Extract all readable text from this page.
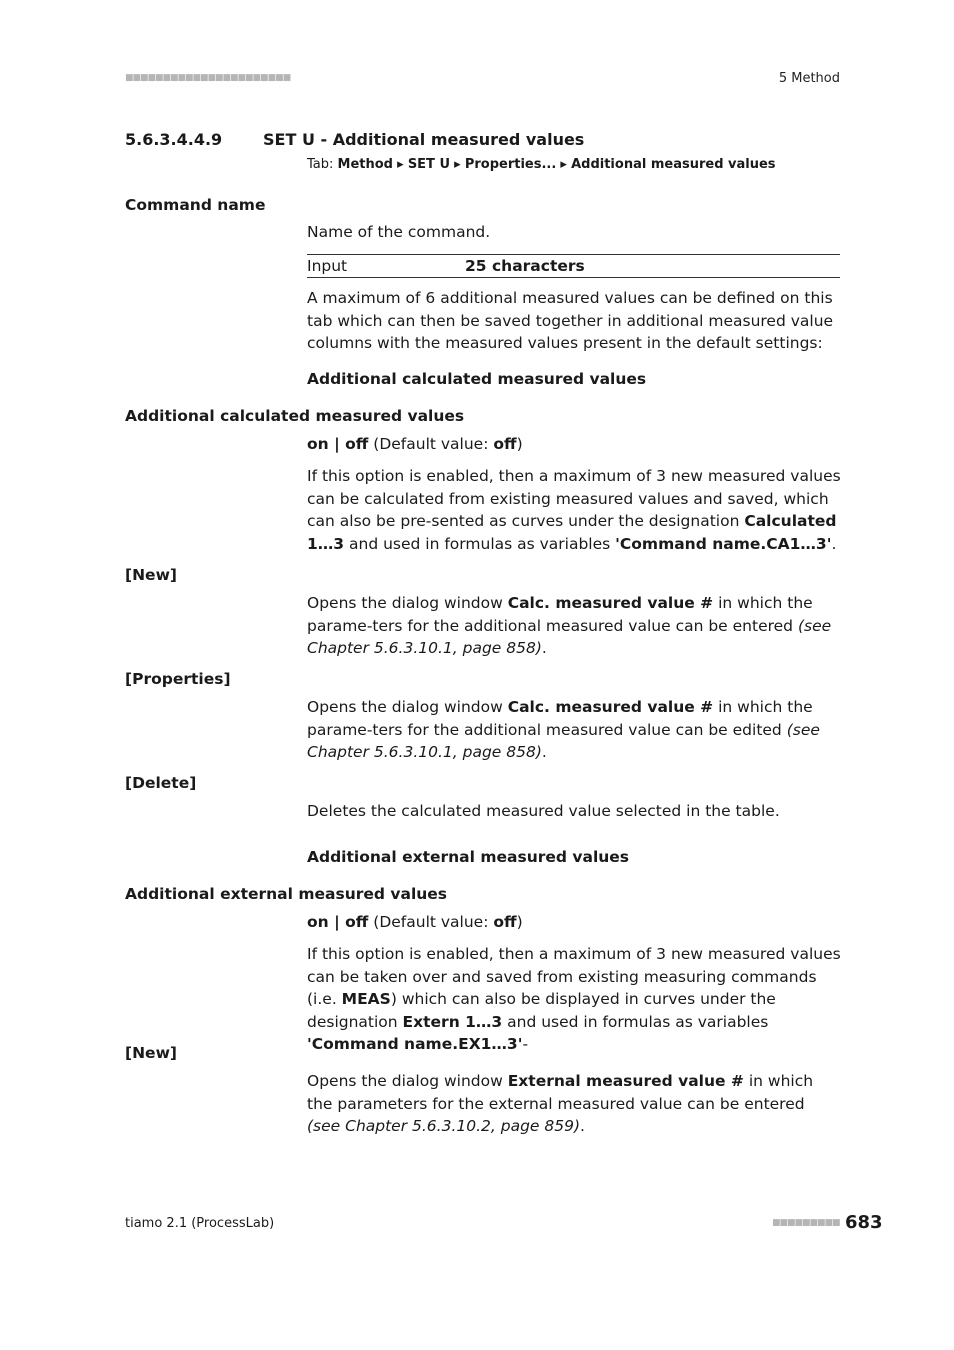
■■■■■■■■■■■■■■■■■■■■■■	5 Method
5.6.3.4.4.9	SET U - Additional measured values
Tab: Method ▸ SET U ▸ Properties... ▸ Additional measured values
Command name
Name of the command.
Input	25 characters
A maximum of 6 additional measured values can be defined on this tab which can then be saved together in additional measured value columns with the measured values present in the default settings:
Additional calculated measured values
Additional calculated measured values
on | off (Default value: off)
If this option is enabled, then a maximum of 3 new measured values can be calculated from existing measured values and saved, which can also be pre-sented as curves under the designation Calculated 1…3 and used in formulas as variables 'Command name.CA1…3'.
[New]
Opens the dialog window Calc. measured value # in which the parame-ters for the additional measured value can be entered (see Chapter 5.6.3.10.1, page 858).
[Properties]
Opens the dialog window Calc. measured value # in which the parame-ters for the additional measured value can be edited (see Chapter 5.6.3.10.1, page 858).
[Delete]
Deletes the calculated measured value selected in the table.
Additional external measured values
Additional external measured values
on | off (Default value: off)
If this option is enabled, then a maximum of 3 new measured values can be taken over and saved from existing measuring commands (i.e. MEAS) which can also be displayed in curves under the designation Extern 1…3 and used in formulas as variables 'Command name.EX1…3'-
[New]
Opens the dialog window External measured value # in which the parameters for the external measured value can be entered (see Chapter 5.6.3.10.2, page 859).
tiamo 2.1 (ProcessLab)	■■■■■■■■■ 683
